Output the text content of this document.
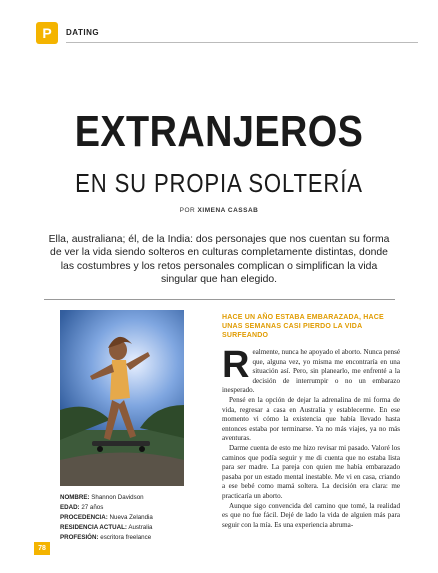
P	DATING
EXTRANJEROS
EN SU PROPIA SOLTERÍA
POR XIMENA CASSAB
Ella, australiana; él, de la India: dos personajes que nos cuentan su forma de ver la vida siendo solteros en culturas completamente distintas, donde las costumbres y los retos personales complican o simplifican la vida singular que han elegido.
NOMBRE: Shannon Davidson
EDAD: 27 años
PROCEDENCIA: Nueva Zelandia
RESIDENCIA ACTUAL: Australia
PROFESIÓN: escritora freelance
HACE UN AÑO ESTABA EMBARAZADA, HACE UNAS SEMANAS CASI PIERDO LA VIDA SURFEANDO

Realmente, nunca he apoyado el aborto. Nunca pensé que, alguna vez, yo misma me encontraría en una situación así. Pero, sin planearlo, me enfrenté a la decisión de interrumpir o no un embarazo inesperado.

Pensé en la opción de dejar la adrenalina de mi forma de vida, regresar a casa en Australia y establecerme. En ese momento vi cómo la existencia que había llevado hasta entonces estaba por terminarse. Ya no más viajes, ya no más aventuras.

Darme cuenta de esto me hizo revisar mi pasado. Valoré los caminos que podía seguir y me di cuenta que no estaba lista para ser madre. La pareja con quien me había embarazado pasaba por un estado mental inestable. Me vi en casa, criando a ese bebé como mamá soltera. La decisión era clara: me practicaría un aborto.

Aunque sigo convencida del camino que tomé, la realidad es que no fue fácil. Dejé de lado la vida de alguien más para seguir con la mía. Es una experiencia abruma-

78
